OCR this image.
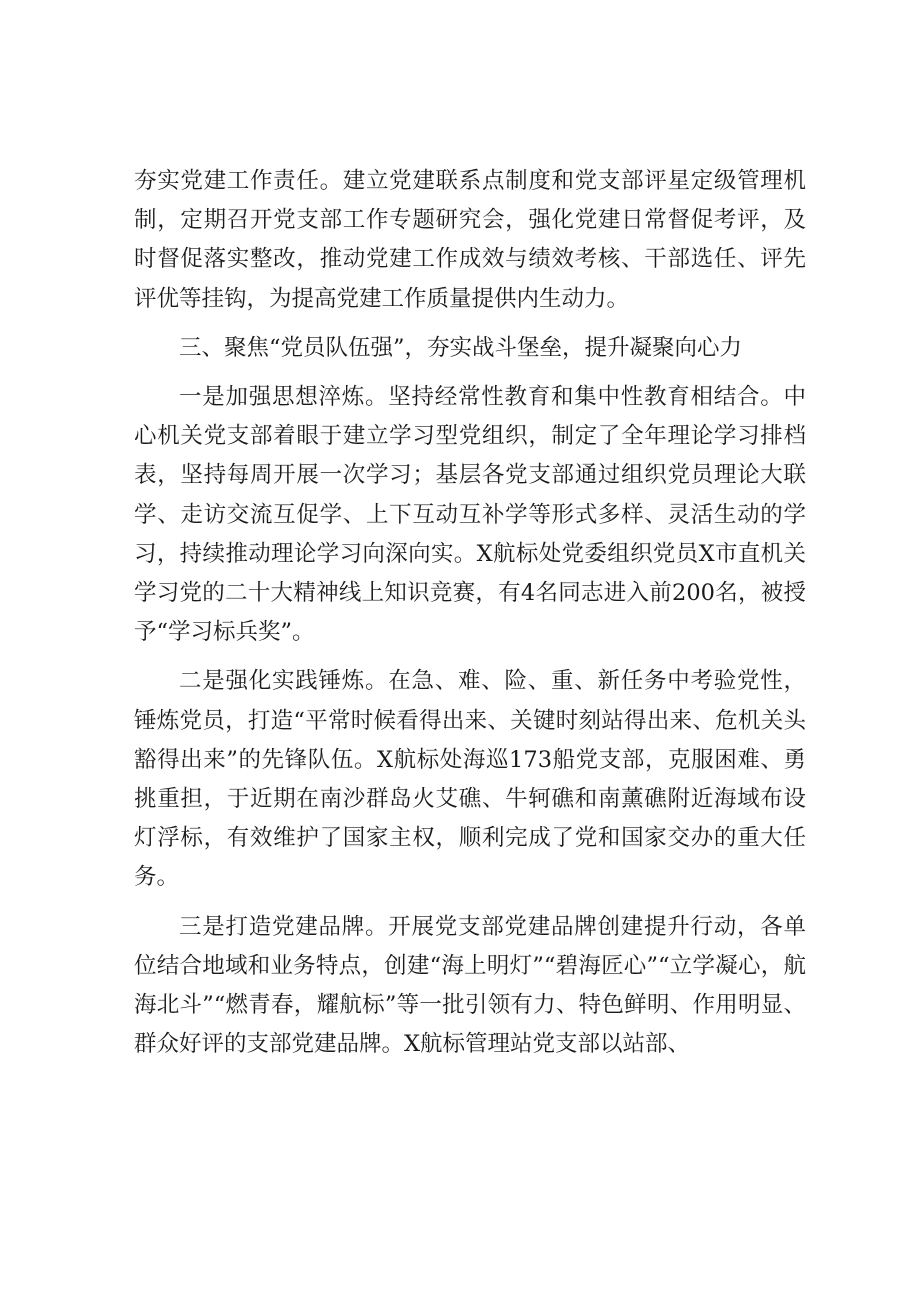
夯实党建工作责任。建立党建联系点制度和党支部评星定级管理机制，定期召开党支部工作专题研究会，强化党建日常督促考评，及时督促落实整改，推动党建工作成效与绩效考核、干部选任、评先评优等挂钩，为提高党建工作质量提供内生动力。

三、聚焦“党员队伍强”，夯实战斗堡垒，提升凝聚向心力

一是加强思想淬炼。坚持经常性教育和集中性教育相结合。中心机关党支部着眼于建立学习型党组织，制定了全年理论学习排档表，坚持每周开展一次学习；基层各党支部通过组织党员理论大联学、走访交流互促学、上下互动互补学等形式多样、灵活生动的学习，持续推动理论学习向深向实。X航标处党委组织党员X市直机关学习党的二十大精神线上知识竞赛，有4名同志进入前200名，被授予“学习标兵奖”。

二是强化实践锤炼。在急、难、险、重、新任务中考验党性，锤炼党员，打造“平常时候看得出来、关键时刻站得出来、危机关头豁得出来”的先锋队伍。X航标处海巡173船党支部，克服困难、勇挑重担，于近期在南沙群岛火艾礁、牛轲礁和南薰礁附近海域布设灯浮标，有效维护了国家主权，顺利完成了党和国家交办的重大任务。

三是打造党建品牌。开展党支部党建品牌创建提升行动，各单位结合地域和业务特点，创建“海上明灯”“碧海匠心”“立学凝心，航海北斗”“燃青春，耀航标”等一批引领有力、特色鲜明、作用明显、群众好评的支部党建品牌。X航标管理站党支部以站部、
